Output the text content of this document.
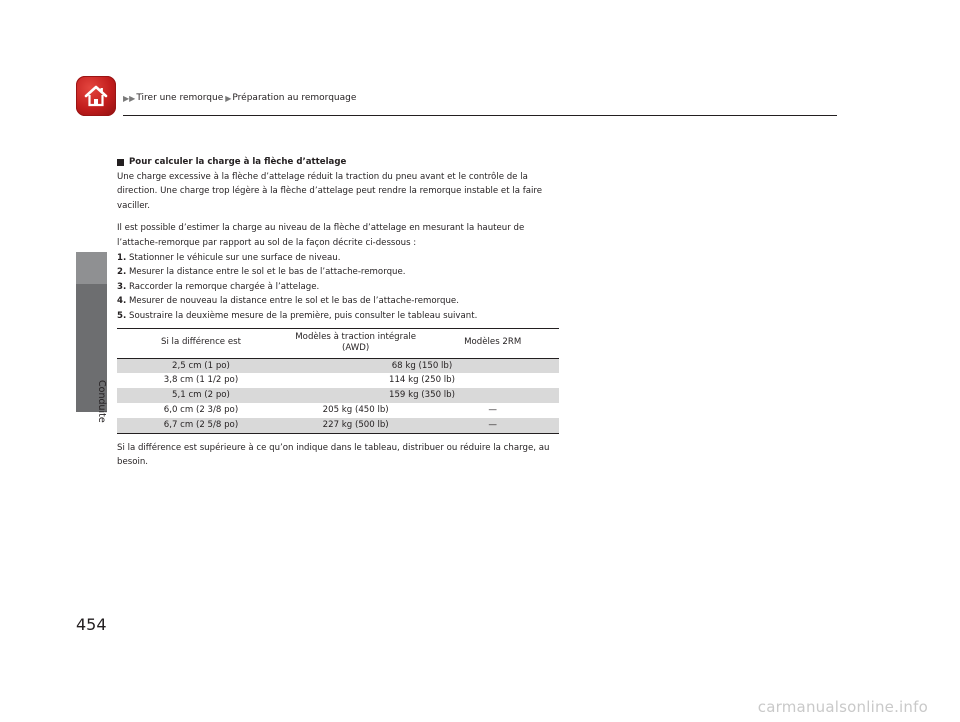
▶▶ Tirer une remorque ▶ Préparation au remorquage
Conduite
454
Pour calculer la charge à la flèche d’attelage

Une charge excessive à la flèche d’attelage réduit la traction du pneu avant et le contrôle de la direction. Une charge trop légère à la flèche d’attelage peut rendre la remorque instable et la faire vaciller.

Il est possible d’estimer la charge au niveau de la flèche d’attelage en mesurant la hauteur de l’attache-remorque par rapport au sol de la façon décrite ci-dessous :

1. Stationner le véhicule sur une surface de niveau.
2. Mesurer la distance entre le sol et le bas de l’attache-remorque.
3. Raccorder la remorque chargée à l’attelage.
4. Mesurer de nouveau la distance entre le sol et le bas de l’attache-remorque.
5. Soustraire la deuxième mesure de la première, puis consulter le tableau suivant.
Si la différence est	Modèles à traction intégrale (AWD)	Modèles 2RM
2,5 cm (1 po)	68 kg (150 lb)	
3,8 cm (1 1/2 po)	114 kg (250 lb)	
5,1 cm (2 po)	159 kg (350 lb)	
6,0 cm (2 3/8 po)	205 kg (450 lb)	—
6,7 cm (2 5/8 po)	227 kg (500 lb)	—

Si la différence est supérieure à ce qu’on indique dans le tableau, distribuer ou réduire la charge, au besoin.

carmanualsonline.info
